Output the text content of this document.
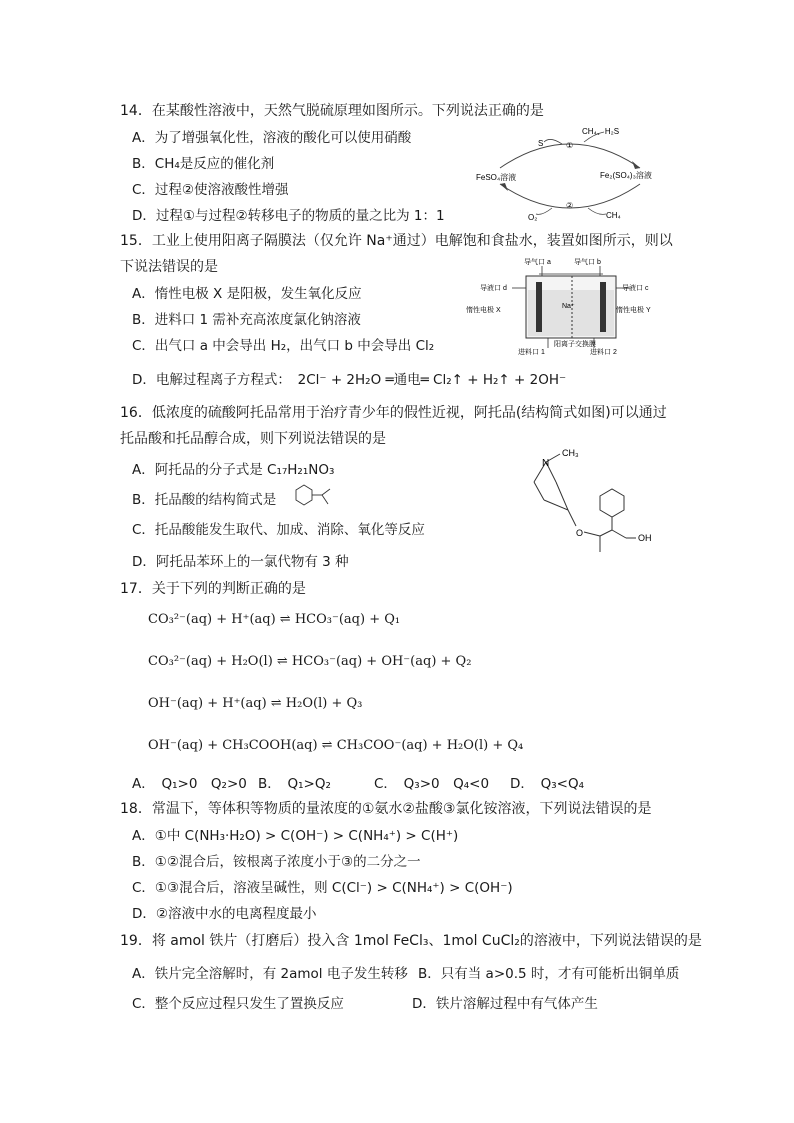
14．在某酸性溶液中，天然气脱硫原理如图所示。下列说法正确的是
A．为了增强氧化性，溶液的酸化可以使用硝酸
B．CH₄是反应的催化剂
C．过程②使溶液酸性增强
D．过程①与过程②转移电子的物质的量之比为 1：1
FeSO₄溶液	Fe₂(SO₄)₃溶液
S
CH₄、H₂S
①
O₂	CH₄
②
15．工业上使用阳离子隔膜法（仅允许 Na⁺通过）电解饱和食盐水，装置如图所示，则以
下说法错误的是
A．惰性电极 X 是阳极，发生氧化反应
B．进料口 1 需补充高浓度氯化钠溶液
C．出气口 a 中会导出 H₂，出气口 b 中会导出 Cl₂
D．电解过程离子方程式：　2Cl⁻ + 2H₂O ═通电═ Cl₂↑ + H₂↑ + 2OH⁻
导气口 a	导气口 b
导液口 d	导液口 c
惰性电极 X	惰性电极 Y
Na⁺
进料口 1
阳离子交换膜
进料口 2
16．低浓度的硫酸阿托品常用于治疗青少年的假性近视，阿托品(结构简式如图)可以通过
托品酸和托品醇合成，则下列说法错误的是
A．阿托品的分子式是 C₁₇H₂₁NO₃
B．托品酸的结构简式是
C．托品酸能发生取代、加成、消除、氧化等反应
D．阿托品苯环上的一氯代物有 3 种
N
CH₃
O	OH
17．关于下列的判断正确的是
CO₃²⁻(aq) + H⁺(aq) ⇌ HCO₃⁻(aq) + Q₁
CO₃²⁻(aq) + H₂O(l) ⇌ HCO₃⁻(aq) + OH⁻(aq) + Q₂
OH⁻(aq) + H⁺(aq) ⇌ H₂O(l) + Q₃
OH⁻(aq) + CH₃COOH(aq) ⇌ CH₃COO⁻(aq) + H₂O(l) + Q₄
A．　Q₁>0　Q₂>0 B．　Q₁>Q₂	C．　Q₃>0　Q₄<0 D．　Q₃<Q₄
18．常温下，等体积等物质的量浓度的①氨水②盐酸③氯化铵溶液，下列说法错误的是
A．①中 C(NH₃·H₂O) > C(OH⁻) > C(NH₄⁺) > C(H⁺)
B．①②混合后，铵根离子浓度小于③的二分之一
C．①③混合后，溶液呈碱性，则 C(Cl⁻) > C(NH₄⁺) > C(OH⁻)
D．②溶液中水的电离程度最小
19．将 amol 铁片（打磨后）投入含 1mol FeCl₃、1mol CuCl₂的溶液中，下列说法错误的是
A．铁片完全溶解时，有 2amol 电子发生转移 B．只有当 a>0.5 时，才有可能析出铜单质
C．整个反应过程只发生了置换反应	D．铁片溶解过程中有气体产生
